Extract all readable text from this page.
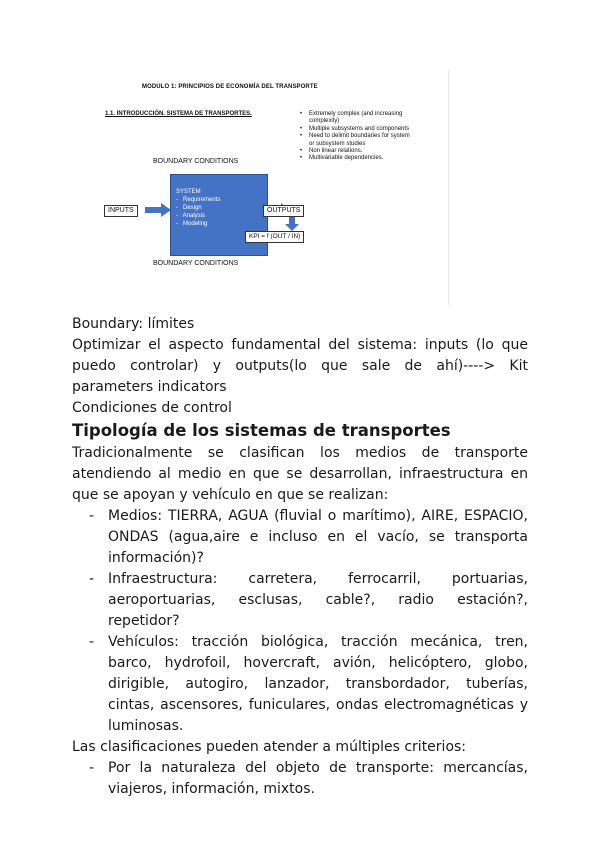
MODULO 1: PRINCIPIOS DE ECONOMÍA DEL TRANSPORTE
1.1. INTRODUCCIÓN. SISTEMA DE TRANSPORTES.
BOUNDARY CONDITIONS
INPUTS
SYSTEM
- Requirements
- Design
- Analysis
- Modeling
OUTPUTS
KPI = f (OUT / IN)
BOUNDARY CONDITIONS
• Extremely complex (and increasing complexity)
• Multiple subsystems and components
• Need to delimit boundaries for system or subsystem studies
• Non linear relations.
• Multivariable dependencies.

Boundary: límites

Optimizar el aspecto fundamental del sistema: inputs (lo que puedo controlar) y outputs(lo que sale de ahí)----> Kit parameters indicators

Condiciones de control

Tipología de los sistemas de transportes

Tradicionalmente se clasifican los medios de transporte atendiendo al medio en que se desarrollan, infraestructura en que se apoyan y vehículo en que se realizan:

- Medios: TIERRA, AGUA (fluvial o marítimo), AIRE, ESPACIO, ONDAS (agua,aire e incluso en el vacío, se transporta información)?
- Infraestructura: carretera, ferrocarril, portuarias, aeroportuarias, esclusas, cable?, radio estación?, repetidor?
- Vehículos: tracción biológica, tracción mecánica, tren, barco, hydrofoil, hovercraft, avión, helicóptero, globo, dirigible, autogiro, lanzador, transbordador, tuberías, cintas, ascensores, funiculares, ondas electromagnéticas y luminosas.

Las clasificaciones pueden atender a múltiples criterios:

- Por la naturaleza del objeto de transporte: mercancías, viajeros, información, mixtos.
